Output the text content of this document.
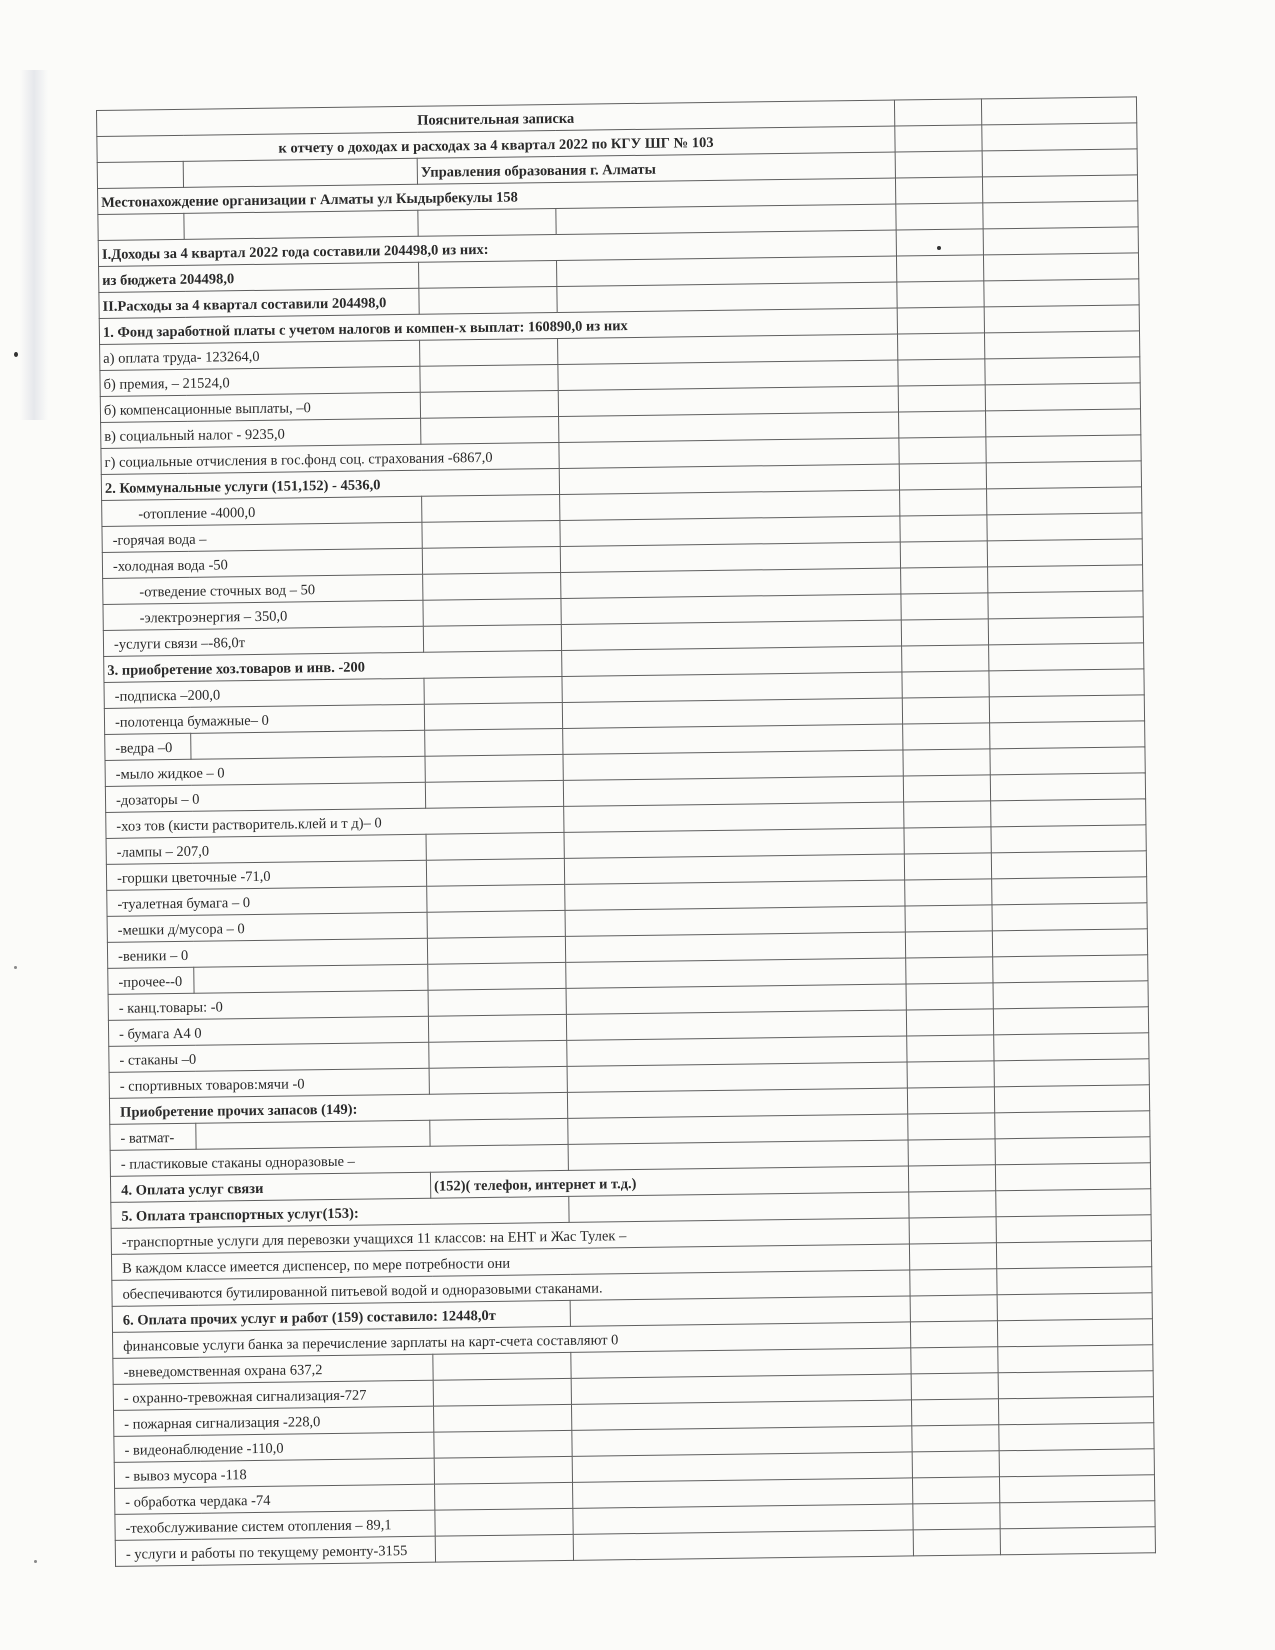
Пояснительная записка					
к отчету о доходах и расходах за 4 квартал 2022 по КГУ ШГ № 103					
		Управления образования г. Алматы			
Местонахождение организации г Алматы ул Кыдырбекулы 158					

I.Доходы за 4 квартал 2022 года составили 204498,0 из них:					
из бюджета 204498,0					
II.Расходы за 4 квартал составили 204498,0					
1. Фонд заработной платы с учетом налогов и компен-х выплат: 160890,0 из них					
а) оплата труда- 123264,0					
б) премия, – 21524,0					
б) компенсационные выплаты, –0					
в) социальный налог - 9235,0					
г) социальные отчисления в гос.фонд соц. страхования -6867,0					
2. Коммунальные услуги (151,152) - 4536,0					
-отопление -4000,0					
-горячая вода –					
-холодная вода -50					
-отведение сточных вод – 50					
-электроэнергия – 350,0					
-услуги связи –-86,0т					
3. приобретение хоз.товаров и инв. -200					
-подписка –200,0					
-полотенца бумажные– 0					
-ведра –0					
-мыло жидкое – 0					
-дозаторы – 0					
-хоз тов (кисти растворитель.клей и т д)– 0					
-лампы – 207,0					
-горшки цветочные -71,0					
-туалетная бумага – 0					
-мешки д/мусора – 0					
-веники – 0					
-прочее--0					
- канц.товары: -0					
- бумага А4 0					
- стаканы –0					
- спортивных товаров:мячи -0					
Приобретение прочих запасов (149):					
- ватмат-					
- пластиковые стаканы одноразовые –					
4. Оплата услуг связи		(152)( телефон, интернет и т.д.)			
5. Оплата транспортных услуг(153):					
-транспортные услуги для перевозки учащихся 11 классов: на ЕНТ и Жас Тулек –					
В каждом классе имеется диспенсер, по мере потребности они					
обеспечиваются бутилированной питьевой водой и одноразовыми стаканами.					
6. Оплата прочих услуг и работ (159) составило: 12448,0т					
финансовые услуги банка за перечисление зарплаты на карт-счета составляют 0					
-вневедомственная охрана 637,2					
- охранно-тревожная сигнализация-727					
- пожарная сигнализация -228,0					
- видеонаблюдение -110,0					
- вывоз мусора -118					
- обработка чердака -74					
-техобслуживание систем отопления – 89,1					
- услуги и работы по текущему ремонту-3155					
